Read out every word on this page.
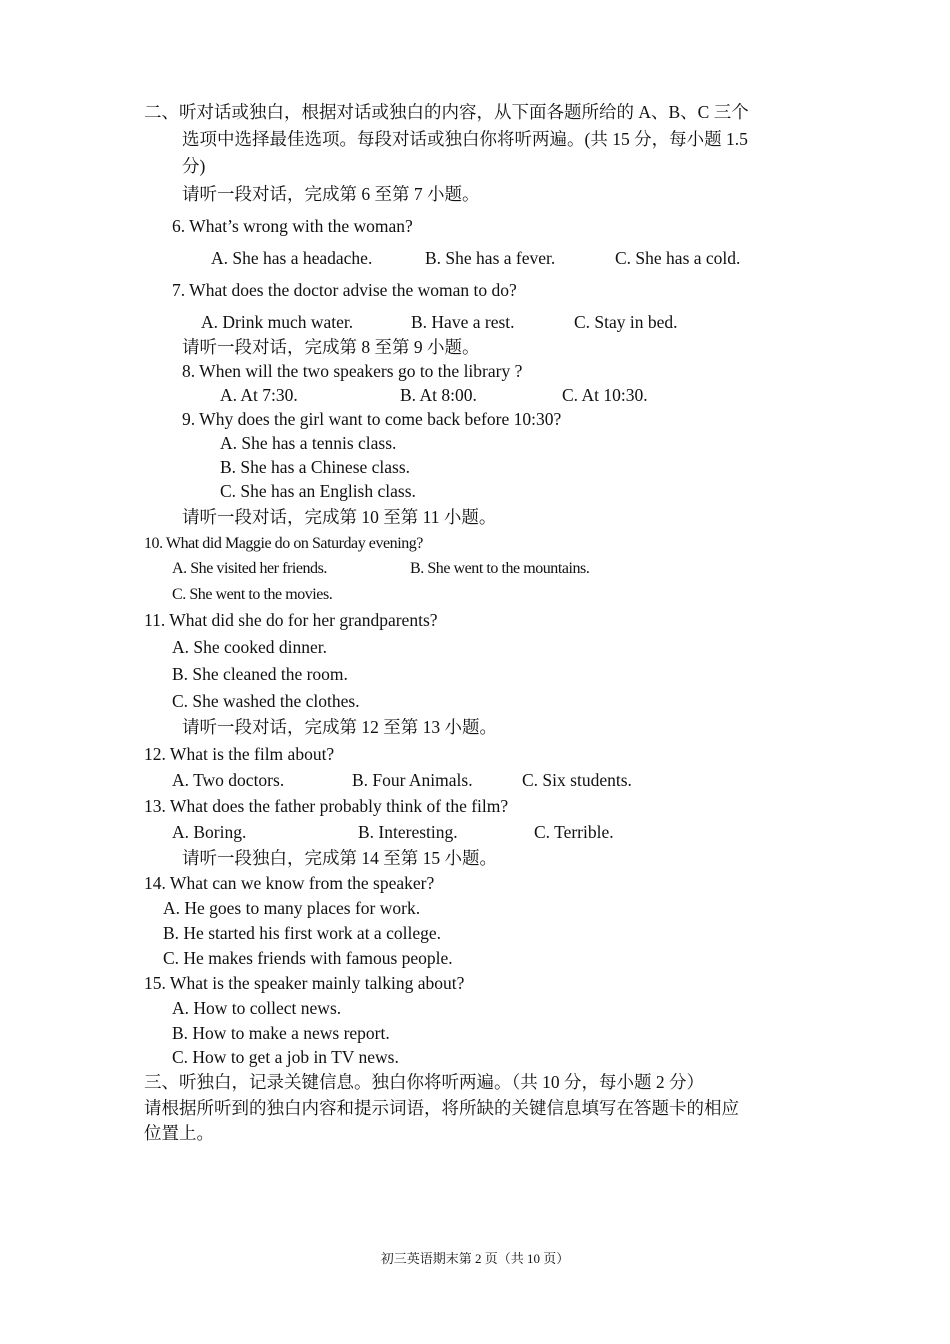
二、听对话或独白，根据对话或独白的内容，从下面各题所给的 A、B、C 三个
选项中选择最佳选项。每段对话或独白你将听两遍。(共 15 分，每小题 1.5
分)
请听一段对话，完成第 6 至第 7 小题。
6. What’s wrong with the woman?
A. She has a headache.	B. She has a fever.	C. She has a cold.
7. What does the doctor advise the woman to do?
A. Drink much water.	B. Have a rest.	C. Stay in bed.
请听一段对话，完成第 8 至第 9 小题。
8. When will the two speakers go to the library ?
A. At 7:30.	B. At 8:00.	C. At 10:30.
9. Why does the girl want to come back before 10:30?
A. She has a tennis class.
B. She has a Chinese class.
C. She has an English class.
请听一段对话，完成第 10 至第 11 小题。
10. What did Maggie do on Saturday evening?
A. She visited her friends.	B. She went to the mountains.
C. She went to the movies.
11. What did she do for her grandparents?
A. She cooked dinner.
B. She cleaned the room.
C. She washed the clothes.
请听一段对话，完成第 12 至第 13 小题。
12. What is the film about?
A. Two doctors.	B. Four Animals.	C. Six students.
13. What does the father probably think of the film?
A. Boring.	B. Interesting.	C. Terrible.
请听一段独白，完成第 14 至第 15 小题。
14. What can we know from the speaker?
A. He goes to many places for work.
B. He started his first work at a college.
C. He makes friends with famous people.
15. What is the speaker mainly talking about?
A. How to collect news.
B. How to make a news report.
C. How to get a job in TV news.
三、听独白，记录关键信息。独白你将听两遍。（共 10 分，每小题 2 分）
请根据所听到的独白内容和提示词语，将所缺的关键信息填写在答题卡的相应
位置上。
初三英语期末第 2 页（共 10 页）
